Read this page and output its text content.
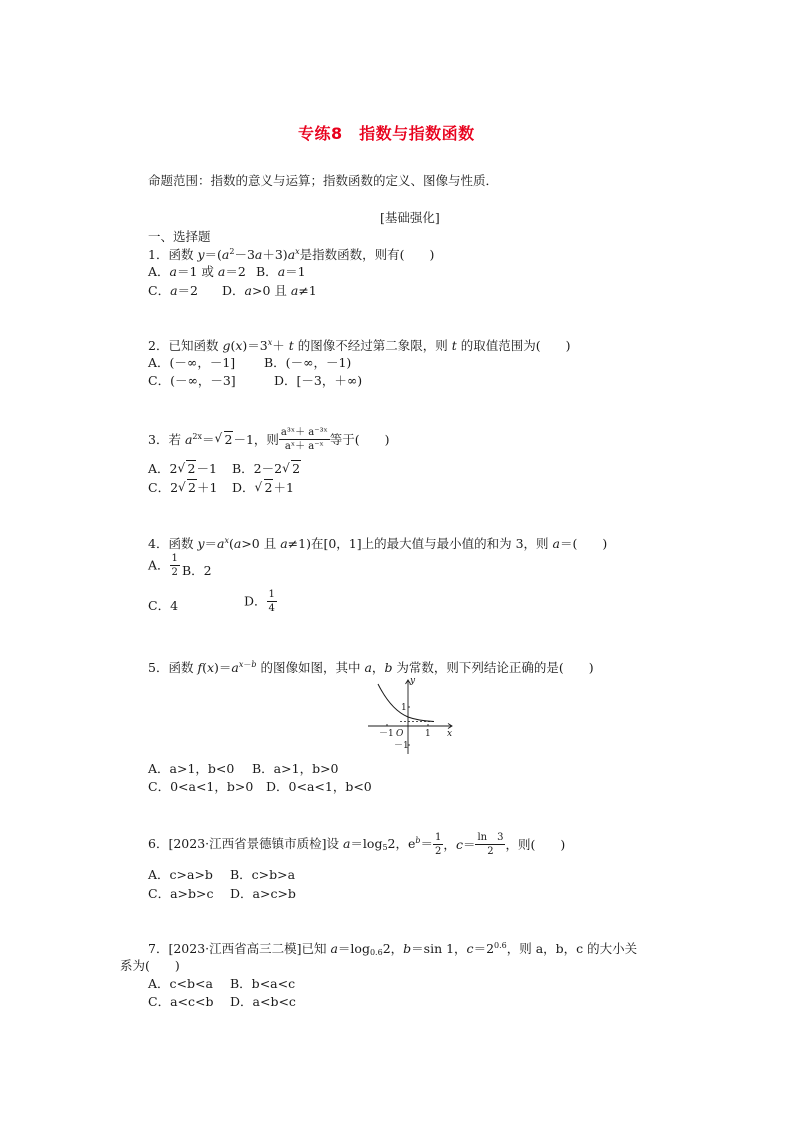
专练8　指数与指数函数
命题范围：指数的意义与运算；指数函数的定义、图像与性质．
[基础强化]
一、选择题
1．函数 $y=(a^2-3a+3)a^x$是指数函数，则有(　　)
A．a＝1 或 a＝2 B．a＝1
C．a＝2 D．a>0 且 a≠1
2．已知函数 $g(x)=3^x+ t$ 的图像不经过第二象限，则 t 的取值范围为(　　)
A．(－∞，－1] B．(－∞，－1)
C．(－∞，－3]	D．[－3，＋∞)
3．若 $a^{2x}=√$ 2－1，则 $\frac{\text{a³ˣ＋ a⁻³ˣ}}{\text{aˣ＋ a⁻ˣ}}$ 等于(　　)
A．2√ 2－1 B．2－2√ 2
C．2√ 2＋1 D．√ 2＋1
4．函数 $y=a^x(a>0$ 且 a≠1)在[0，1]上的最大值与最小值的和为 3，则 a＝(　　)
A． $\frac{1}{2}$ B．2
C．4	D． $\frac{1}{4}$
5．函数 $f(x)=a^{x-b}$ 的图像如图，其中 a，b 为常数，则下列结论正确的是(　　)
y
x
O
－1	1
1
－1
A．a>1，b<0 B．a>1，b>0
C．0<a<1，b>0 D．0<a<1，b<0
6．[2023·江西省景德镇市质检]设 $a=\log_52$，$e^b= \frac{1}{2}$ ，$c= \frac{\ln 3}{2}$ ，则(　　)
A．c>a>b B．c>b>a
C．a>b>c D．a>c>b
7．[2023·江西省高三二模]已知 $a=\log_{0.6}2$，b＝sin 1，$c=2^{0.6}$，则 a，b，c 的大小关
系为(　　)
A．c<b<a B．b<a<c
C．a<c<b D．a<b<c
